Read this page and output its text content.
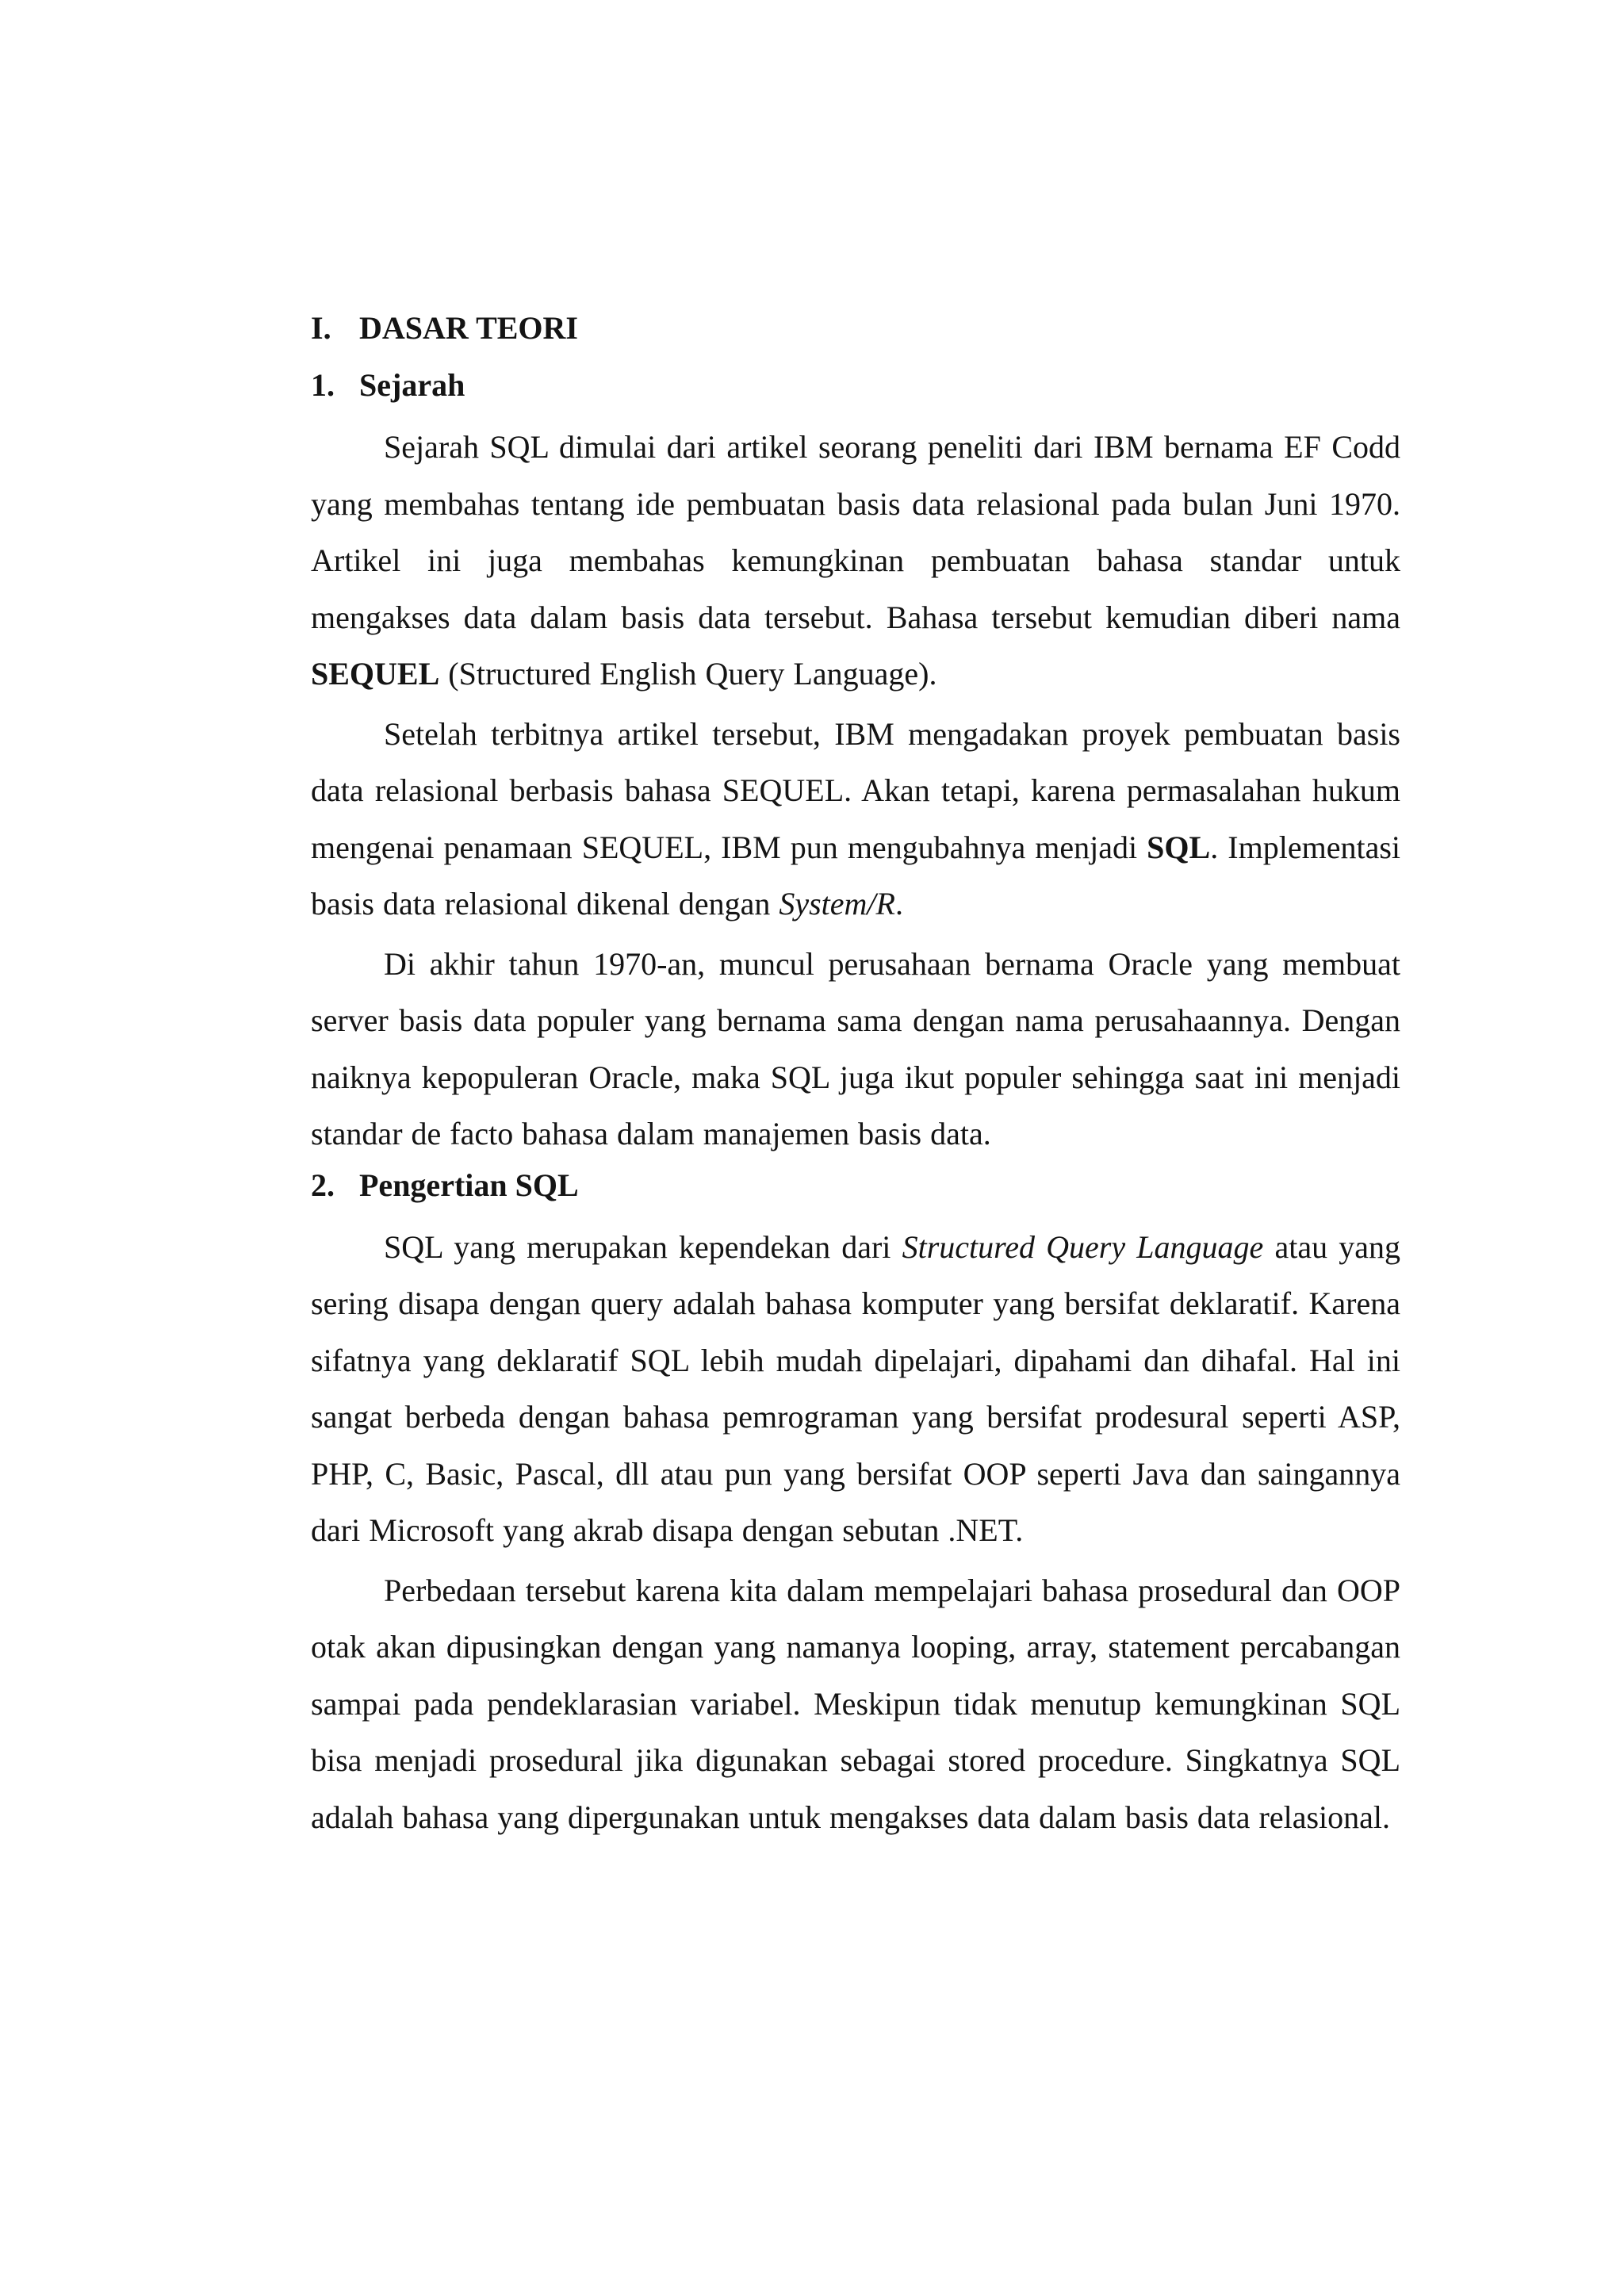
I. DASAR TEORI
1. Sejarah

Sejarah SQL dimulai dari artikel seorang peneliti dari IBM bernama EF Codd yang membahas tentang ide pembuatan basis data relasional pada bulan Juni 1970. Artikel ini juga membahas kemungkinan pembuatan bahasa standar untuk mengakses data dalam basis data tersebut. Bahasa tersebut kemudian diberi nama SEQUEL (Structured English Query Language).

Setelah terbitnya artikel tersebut, IBM mengadakan proyek pembuatan basis data relasional berbasis bahasa SEQUEL. Akan tetapi, karena permasalahan hukum mengenai penamaan SEQUEL, IBM pun mengubahnya menjadi SQL. Implementasi basis data relasional dikenal dengan System/R.

Di akhir tahun 1970-an, muncul perusahaan bernama Oracle yang membuat server basis data populer yang bernama sama dengan nama perusahaannya. Dengan naiknya kepopuleran Oracle, maka SQL juga ikut populer sehingga saat ini menjadi standar de facto bahasa dalam manajemen basis data.

2. Pengertian SQL

SQL yang merupakan kependekan dari Structured Query Language atau yang sering disapa dengan query adalah bahasa komputer yang bersifat deklaratif. Karena sifatnya yang deklaratif SQL lebih mudah dipelajari, dipahami dan dihafal. Hal ini sangat berbeda dengan bahasa pemrograman yang bersifat prodesural seperti ASP, PHP, C, Basic, Pascal, dll atau pun yang bersifat OOP seperti Java dan saingannya dari Microsoft yang akrab disapa dengan sebutan .NET.

Perbedaan tersebut karena kita dalam mempelajari bahasa prosedural dan OOP otak akan dipusingkan dengan yang namanya looping, array, statement percabangan sampai pada pendeklarasian variabel. Meskipun tidak menutup kemungkinan SQL bisa menjadi prosedural jika digunakan sebagai stored procedure. Singkatnya SQL adalah bahasa yang dipergunakan untuk mengakses data dalam basis data relasional.
